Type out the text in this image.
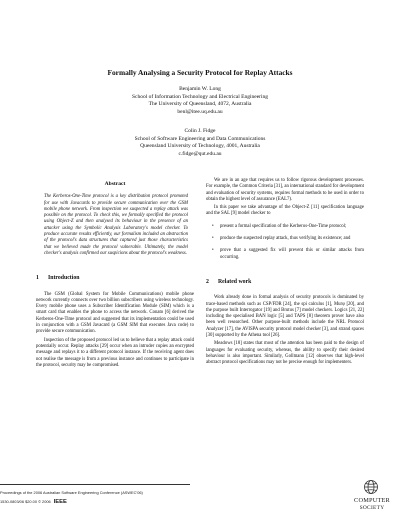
Formally Analysing a Security Protocol for Replay Attacks
Benjamin W. Long
School of Information Technology and Electrical Engineering
The University of Queensland, 4072, Australia
benl@itee.uq.edu.au
Colin J. Fidge
School of Software Engineering and Data Communications
Queensland University of Technology, 4001, Australia
c.fidge@qut.edu.au
Abstract
The Kerberos-One-Time protocol is a key distribution protocol promoted for use with Javacards to provide secure communication over the GSM mobile phone network. From inspection we suspected a replay attack was possible on the protocol. To check this, we formally specified the protocol using Object-Z and then analysed its behaviour in the presence of an attacker using the Symbolic Analysis Laboratory's model checker. To produce accurate results efficiently, our formalism included an abstraction of the protocol's data structures that captured just those characteristics that we believed made the protocol vulnerable. Ultimately, the model checker's analysis confirmed our suspicions about the protocol's weakness.
1 Introduction

The GSM (Global System for Mobile Communications) mobile phone network currently connects over two billion subscribers using wireless technology. Every mobile phone uses a Subscriber Identification Module (SIM) which is a smart card that enables the phone to access the network. Conato [6] derived the Kerberos-One-Time protocol and suggested that its implementation could be used in conjunction with a GSM Javacard (a GSM SIM that executes Java code) to provide secure communication.

Inspection of the proposed protocol led us to believe that a replay attack could potentially occur. Replay attacks [29] occur when an intruder copies an encrypted message and replays it to a different protocol instance. If the receiving agent does not realise the message is from a previous instance and continues to participate in the protocol, security may be compromised.

We are in an age that requires us to follow rigorous development processes. For example, the Common Criteria [31], an international standard for development and evaluation of security systems, requires formal methods to be used in order to obtain the highest level of assurance (EAL7).

In this paper we take advantage of the Object-Z [11] specification language and the SAL [9] model checker to

• present a formal specification of the Kerberos-One-Time protocol;
• produce the suspected replay attack, thus verifying its existence; and
• prove that a suggested fix will prevent this or similar attacks from occurring.
2 Related work

Work already done in formal analysis of security protocols is dominated by trace-based methods such as CSP/FDR [24], the spi calculus [1], Murφ [20], and the purpose built Interrogator [19] and Brutus [7] model checkers. Logics [21, 22] including the specialised BAN logic [5] and TAPS [8] theorem prover have also been well researched. Other purpose-built methods include the NRL Protocol Analyzer [17], the AVISPA security protocol model checker [3], and strand spaces [30] supported by the Athena tool [26].

Meadows [18] states that most of the attention has been paid to the design of languages for evaluating security, whereas, the ability to specify their desired behaviour is also important. Similarly, Gollmann [12] observes that high-level abstract protocol specifications may not be precise enough for implementers.

Proceedings of the 2006 Australian Software Engineering Conference (ASWEC'06)
1530-0803/06 $20.00 © 2006 IEEE	COMPUTER
SOCIETY
